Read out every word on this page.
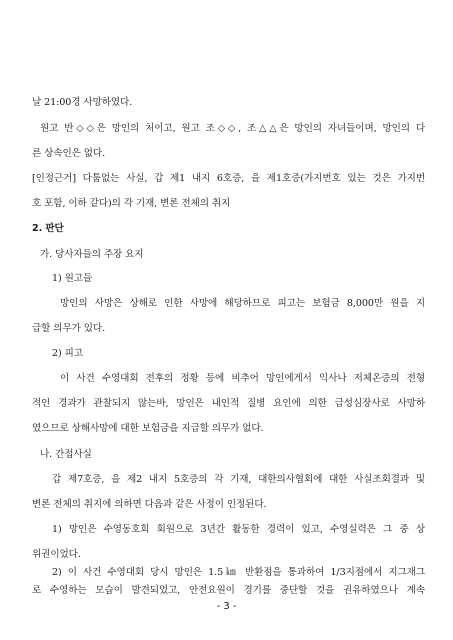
날 21:00경 사망하였다.
원고 반◇◇은 망인의 처이고, 원고 조◇◇, 조△△은 망인의 자녀들이며, 망인의 다
른 상속인은 없다.
[인정근거] 다툼없는 사실, 갑 제1 내지 6호증, 을 제1호증(가지번호 있는 것은 가지번
호 포함, 이하 같다)의 각 기재, 변론 전체의 취지
2. 판단
가. 당사자들의 주장 요지
1) 원고들
망인의 사망은 상해로 인한 사망에 해당하므로 피고는 보험금 8,000만 원을 지
급할 의무가 있다.
2) 피고
이 사건 수영대회 전후의 정황 등에 비추어 망인에게서 익사나 저체온증의 전형
적인 경과가 관찰되지 않는바, 망인은 내인적 질병 요인에 의한 급성심장사로 사망하
였으므로 상해사망에 대한 보험금을 지급할 의무가 없다.
나. 간접사실
갑 제7호증, 을 제2 내지 5호증의 각 기재, 대한의사협회에 대한 사실조회결과 및
변론 전체의 취지에 의하면 다음과 같은 사정이 인정된다.
1) 망인은 수영동호회 회원으로 3년간 활동한 경력이 있고, 수영실력은 그 중 상
위권이었다.
- 3 -
2) 이 사건 수영대회 당시 망인은 1.5㎞ 반환점을 통과하여 1/3지점에서 지그재그
로 수영하는 모습이 발견되었고, 안전요원이 경기를 중단할 것을 권유하였으나 계속
